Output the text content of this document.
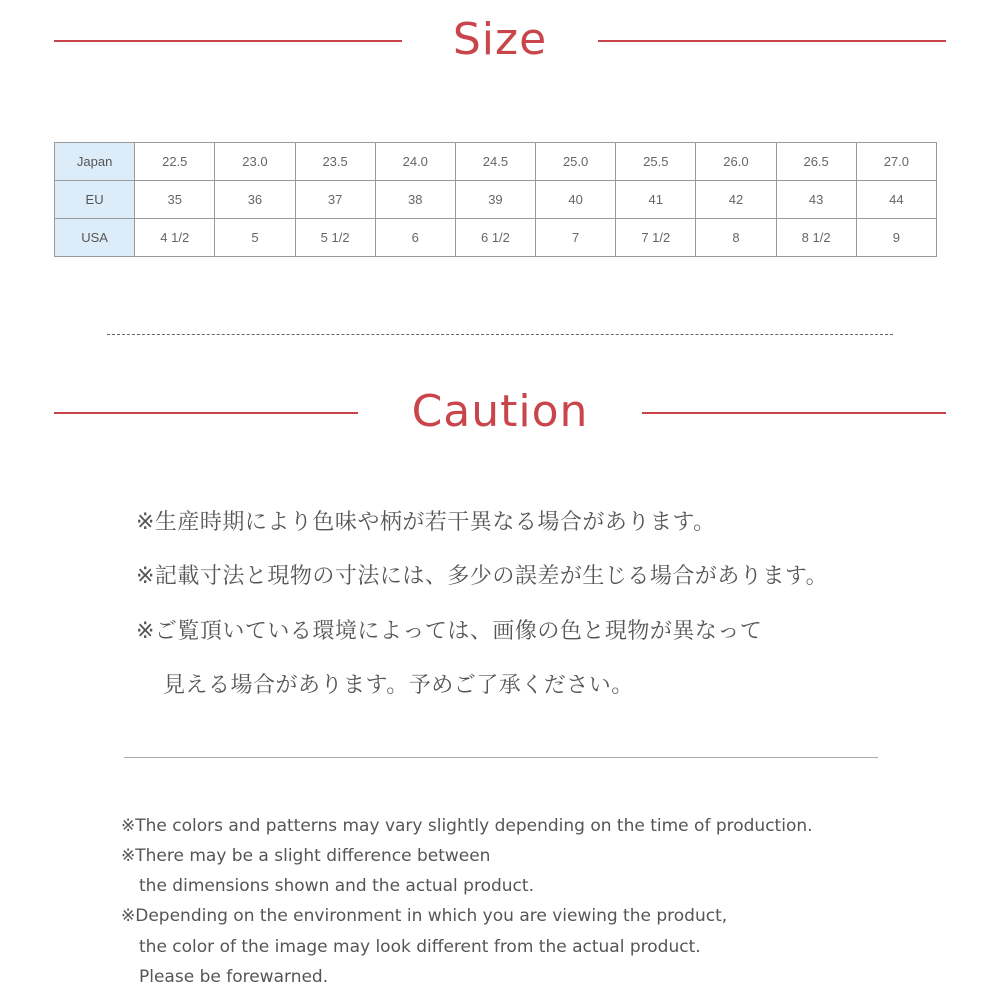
Size
Japan	22.5	23.0	23.5	24.0	24.5	25.0	25.5	26.0	26.5	27.0
EU	35	36	37	38	39	40	41	42	43	44
USA	4 1/2	5	5 1/2	6	6 1/2	7	7 1/2	8	8 1/2	9
Caution
※生産時期により色味や柄が若干異なる場合があります。
※記載寸法と現物の寸法には、多少の誤差が生じる場合があります。
※ご覧頂いている環境によっては、画像の色と現物が異なって
見える場合があります。予めご了承ください。
※The colors and patterns may vary slightly depending on the time of production.
※There may be a slight difference between
the dimensions shown and the actual product.
※Depending on the environment in which you are viewing the product,
the color of the image may look different from the actual product.
Please be forewarned.
